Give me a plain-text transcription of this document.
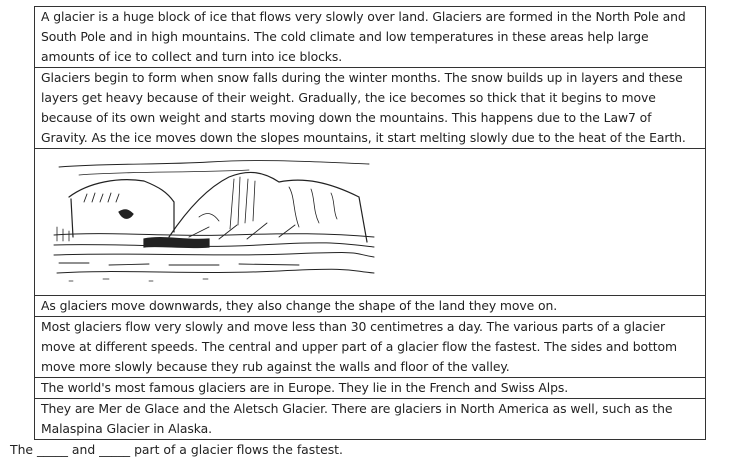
A glacier is a huge block of ice that flows very slowly over land. Glaciers are formed in the North Pole and South Pole and in high mountains. The cold climate and low temperatures in these areas help large amounts of ice to collect and turn into ice blocks.
Glaciers begin to form when snow falls during the winter months. The snow builds up in layers and these layers get heavy because of their weight. Gradually, the ice becomes so thick that it begins to move because of its own weight and starts moving down the mountains. This happens due to the Law7 of Gravity. As the ice moves down the slopes mountains, it start melting slowly due to the heat of the Earth.
As glaciers move downwards, they also change the shape of the land they move on.
Most glaciers flow very slowly and move less than 30 centimetres a day. The various parts of a glacier move at different speeds. The central and upper part of a glacier flow the fastest. The sides and bottom move more slowly because they rub against the walls and floor of the valley.
The world's most famous glaciers are in Europe. They lie in the French and Swiss Alps.
They are Mer de Glace and the Aletsch Glacier. There are glaciers in North America as well, such as the Malaspina Glacier in Alaska.
The _____ and _____ part of a glacier flows the fastest.
